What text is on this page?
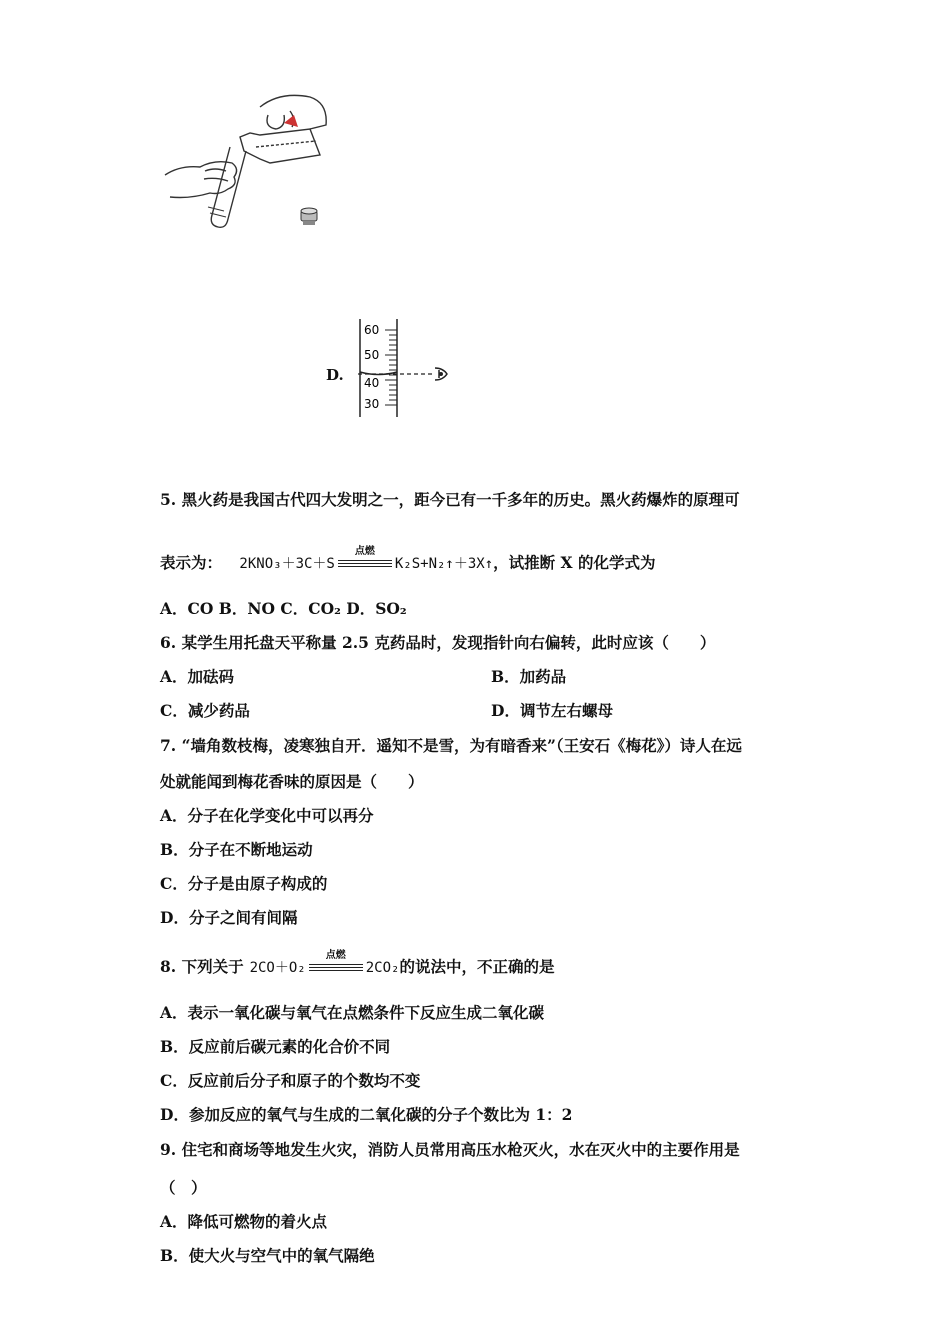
D.
60
50
40
30
5. 黑火药是我国古代四大发明之一，距今已有一千多年的历史。黑火药爆炸的原理可
表示为： 2KNO₃＋3C＋S
点燃
K₂S+N₂↑＋3X↑，试推断 X 的化学式为
A．CO B．NO C．CO₂ D．SO₂
6. 某学生用托盘天平称量 2.5 克药品时，发现指针向右偏转，此时应该（　　）
A．加砝码	B．加药品
C．减少药品	D．调节左右螺母
7. “墙角数枝梅，凌寒独自开．遥知不是雪，为有暗香来”（王安石《梅花》）诗人在远
处就能闻到梅花香味的原因是（　　）
A．分子在化学变化中可以再分
B．分子在不断地运动
C．分子是由原子构成的
D．分子之间有间隔
8. 下列关于 2CO＋O₂
点燃
2CO₂的说法中，不正确的是
A．表示一氧化碳与氧气在点燃条件下反应生成二氧化碳
B．反应前后碳元素的化合价不同
C．反应前后分子和原子的个数均不变
D．参加反应的氧气与生成的二氧化碳的分子个数比为 1：2
9. 住宅和商场等地发生火灾，消防人员常用高压水枪灭火，水在灭火中的主要作用是
（　）
A．降低可燃物的着火点
B．使大火与空气中的氧气隔绝
